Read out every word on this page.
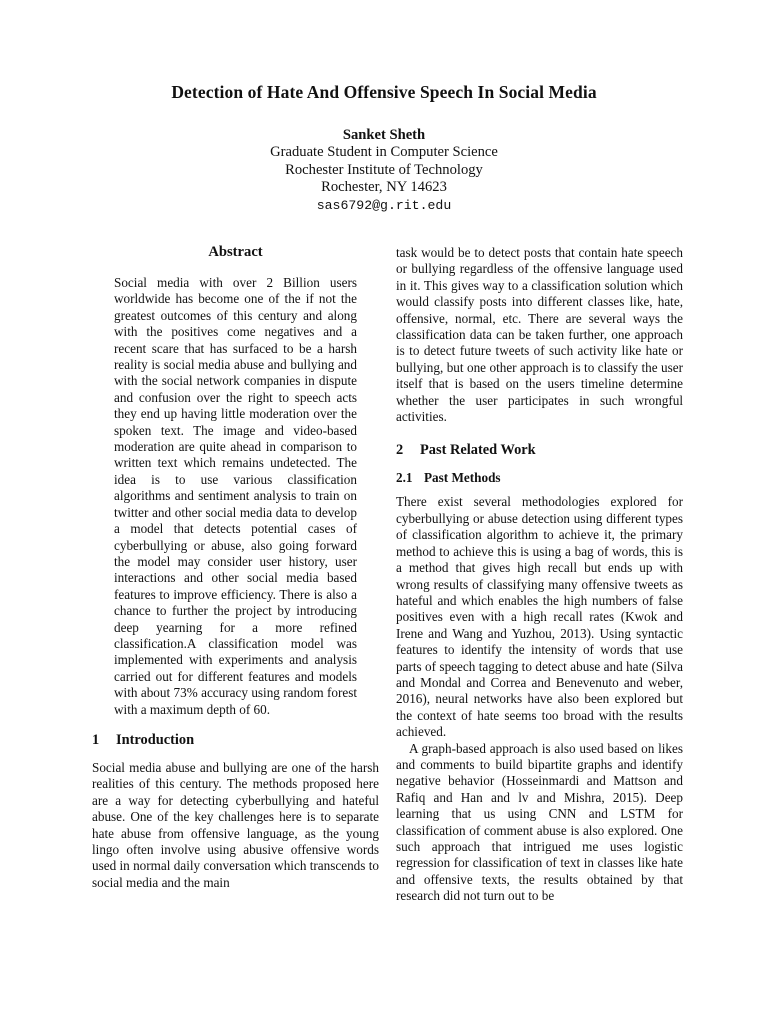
Detection of Hate And Offensive Speech In Social Media
Sanket Sheth
Graduate Student in Computer Science
Rochester Institute of Technology
Rochester, NY 14623
sas6792@g.rit.edu
Abstract

Social media with over 2 Billion users worldwide has become one of the if not the greatest outcomes of this century and along with the positives come negatives and a recent scare that has surfaced to be a harsh reality is social media abuse and bullying and with the social network companies in dispute and confusion over the right to speech acts they end up having little moderation over the spoken text. The image and video-based moderation are quite ahead in comparison to written text which remains undetected. The idea is to use various classification algorithms and sentiment analysis to train on twitter and other social media data to develop a model that detects potential cases of cyberbullying or abuse, also going forward the model may consider user history, user interactions and other social media based features to improve efficiency. There is also a chance to further the project by introducing deep yearning for a more refined classification.A classification model was implemented with experiments and analysis carried out for different features and models with about 73% accuracy using random forest with a maximum depth of 60.

1 Introduction

Social media abuse and bullying are one of the harsh realities of this century. The methods proposed here are a way for detecting cyberbullying and hateful abuse. One of the key challenges here is to separate hate abuse from offensive language, as the young lingo often involve using abusive offensive words used in normal daily conversation which transcends to social media and the main

task would be to detect posts that contain hate speech or bullying regardless of the offensive language used in it. This gives way to a classification solution which would classify posts into different classes like, hate, offensive, normal, etc. There are several ways the classification data can be taken further, one approach is to detect future tweets of such activity like hate or bullying, but one other approach is to classify the user itself that is based on the users timeline determine whether the user participates in such wrongful activities.

2 Past Related Work
2.1 Past Methods

There exist several methodologies explored for cyberbullying or abuse detection using different types of classification algorithm to achieve it, the primary method to achieve this is using a bag of words, this is a method that gives high recall but ends up with wrong results of classifying many offensive tweets as hateful and which enables the high numbers of false positives even with a high recall rates (Kwok and Irene and Wang and Yuzhou, 2013). Using syntactic features to identify the intensity of words that use parts of speech tagging to detect abuse and hate (Silva and Mondal and Correa and Benevenuto and weber, 2016), neural networks have also been explored but the context of hate seems too broad with the results achieved.

A graph-based approach is also used based on likes and comments to build bipartite graphs and identify negative behavior (Hosseinmardi and Mattson and Rafiq and Han and lv and Mishra, 2015). Deep learning that us using CNN and LSTM for classification of comment abuse is also explored. One such approach that intrigued me uses logistic regression for classification of text in classes like hate and offensive texts, the results obtained by that research did not turn out to be
